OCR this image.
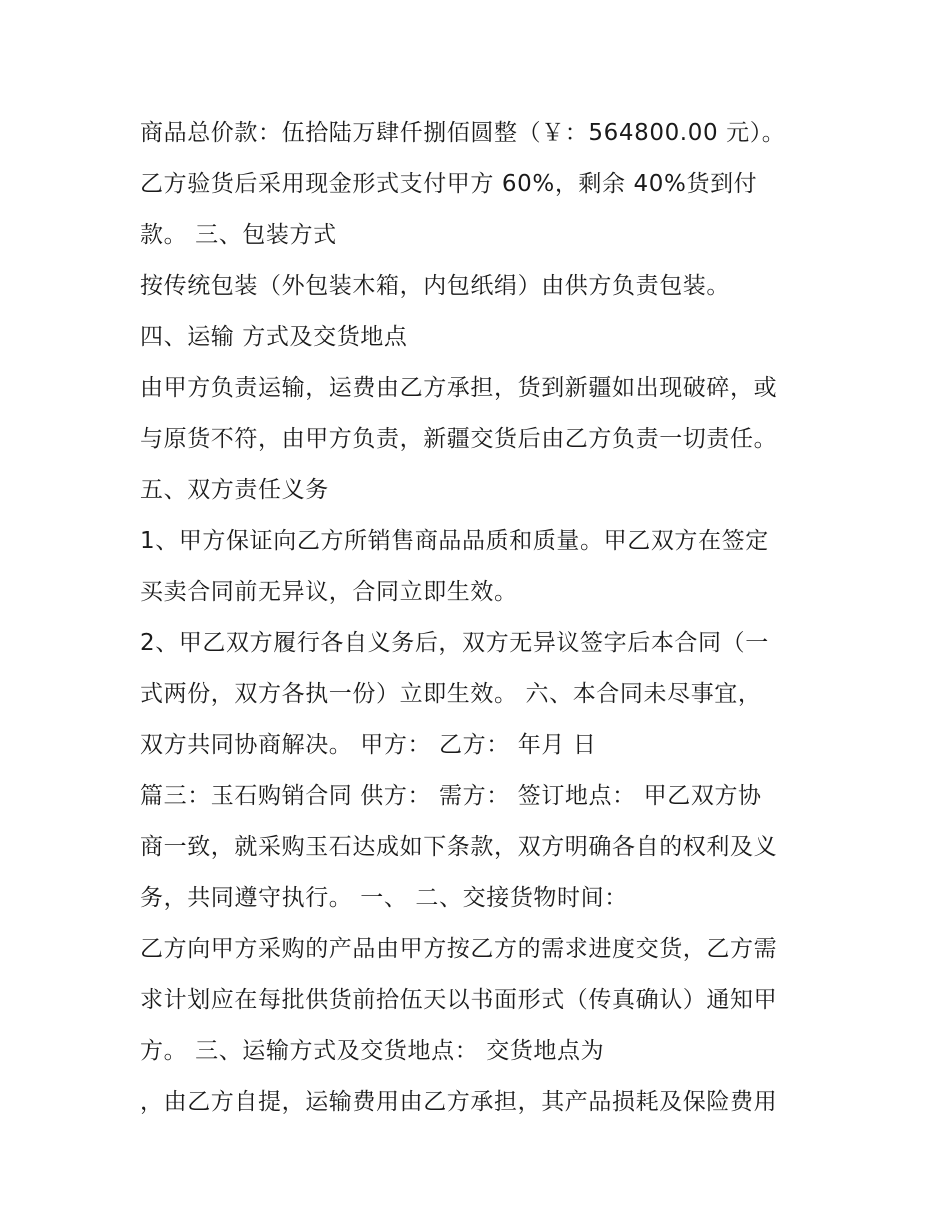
商品总价款：伍拾陆万肆仟捌佰圆整（￥：564800.00 元）。
乙方验货后采用现金形式支付甲方 60%，剩余 40%货到付
款。 三、包装方式
按传统包装（外包装木箱，内包纸绢）由供方负责包装。
四、运输 方式及交货地点
由甲方负责运输，运费由乙方承担，货到新疆如出现破碎，或
与原货不符，由甲方负责，新疆交货后由乙方负责一切责任。
五、双方责任义务
1、甲方保证向乙方所销售商品品质和质量。甲乙双方在签定
买卖合同前无异议，合同立即生效。
2、甲乙双方履行各自义务后，双方无异议签字后本合同（一
式两份，双方各执一份）立即生效。 六、本合同未尽事宜，
双方共同协商解决。 甲方： 乙方： 年月 日
篇三：玉石购销合同 供方： 需方： 签订地点： 甲乙双方协
商一致，就采购玉石达成如下条款，双方明确各自的权利及义
务，共同遵守执行。 一、 二、交接货物时间：
乙方向甲方采购的产品由甲方按乙方的需求进度交货，乙方需
求计划应在每批供货前拾伍天以书面形式（传真确认）通知甲
方。 三、运输方式及交货地点： 交货地点为
，由乙方自提，运输费用由乙方承担，其产品损耗及保险费用
